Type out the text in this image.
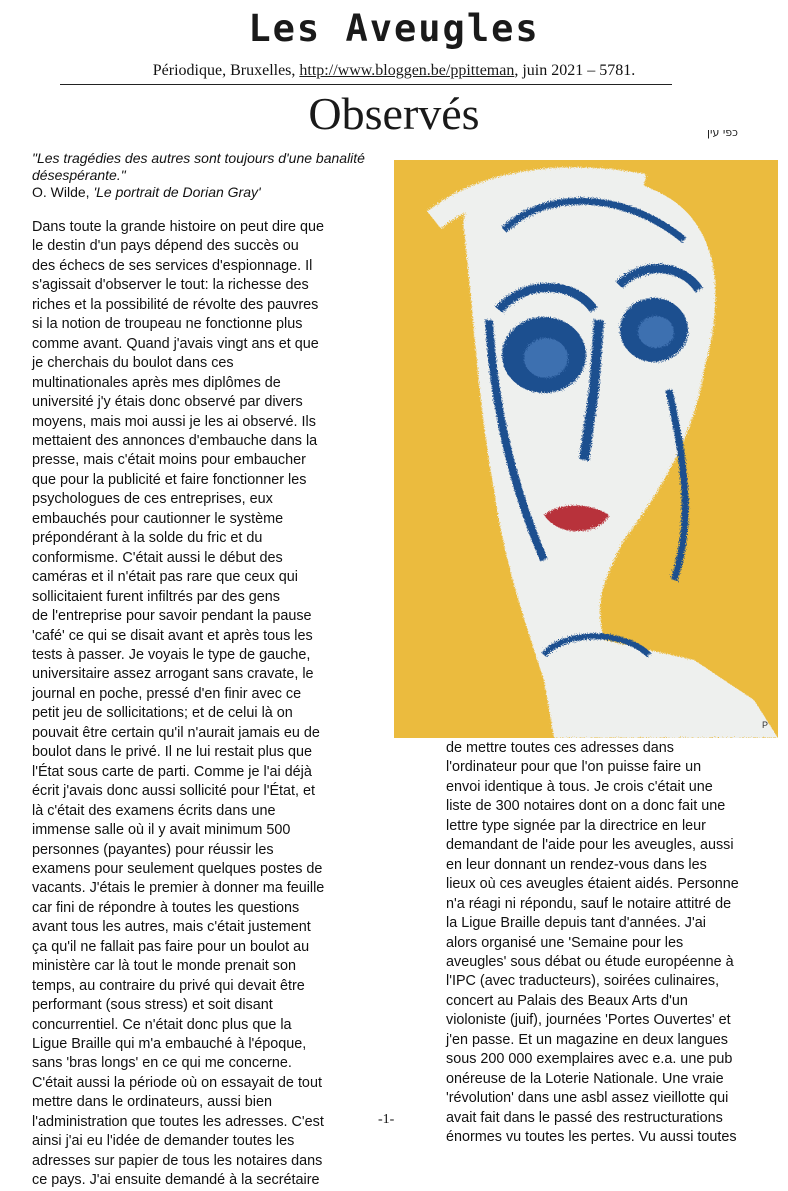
Les Aveugles
Périodique, Bruxelles, http://www.bloggen.be/ppitteman, juin 2021 – 5781.
Observés	כפי עין
"Les tragédies des autres sont toujours d'une banalité désespérante."
O. Wilde, 'Le portrait de Dorian Gray'
Dans toute la grande histoire on peut dire que
le destin d'un pays dépend des succès ou
des échecs de ses services d'espionnage. Il
s'agissait d'observer le tout: la richesse des
riches et la possibilité de révolte des pauvres
si la notion de troupeau ne fonctionne plus
comme avant. Quand j'avais vingt ans et que
je cherchais du boulot dans ces
multinationales après mes diplômes de
université j'y étais donc observé par divers
moyens, mais moi aussi je les ai observé. Ils
mettaient des annonces d'embauche dans la
presse, mais c'était moins pour embaucher
que pour la publicité et faire fonctionner les
psychologues de ces entreprises, eux
embauchés pour cautionner le système
prépondérant à la solde du fric et du
conformisme. C'était aussi le début des
caméras et il n'était pas rare que ceux qui
sollicitaient furent infiltrés par des gens
de l'entreprise pour savoir pendant la pause
'café' ce qui se disait avant et après tous les
tests à passer. Je voyais le type de gauche,
universitaire assez arrogant sans cravate, le
journal en poche, pressé d'en finir avec ce
petit jeu de sollicitations; et de celui là on
pouvait être certain qu'il n'aurait jamais eu de
boulot dans le privé. Il ne lui restait plus que
l'État sous carte de parti. Comme je l'ai déjà
écrit j'avais donc aussi sollicité pour l'État, et
là c'était des examens écrits dans une
immense salle où il y avait minimum 500
personnes (payantes) pour réussir les
examens pour seulement quelques postes de
vacants. J'étais le premier à donner ma feuille
car fini de répondre à toutes les questions
avant tous les autres, mais c'était justement
ça qu'il ne fallait pas faire pour un boulot au
ministère car là tout le monde prenait son
temps, au contraire du privé qui devait être
performant (sous stress) et soit disant
concurrentiel. Ce n'était donc plus que la
Ligue Braille qui m'a embauché à l'époque,
sans 'bras longs' en ce qui me concerne.
C'était aussi la période où on essayait de tout
mettre dans le ordinateurs, aussi bien
l'administration que toutes les adresses. C'est
ainsi j'ai eu l'idée de demander toutes les
adresses sur papier de tous les notaires dans
ce pays. J'ai ensuite demandé à la secrétaire
P
de mettre toutes ces adresses dans
l'ordinateur pour que l'on puisse faire un
envoi identique à tous. Je crois c'était une
liste de 300 notaires dont on a donc fait une
lettre type signée par la directrice en leur
demandant de l'aide pour les aveugles, aussi
en leur donnant un rendez-vous dans les
lieux où ces aveugles étaient aidés. Personne
n'a réagi ni répondu, sauf le notaire attitré de
la Ligue Braille depuis tant d'années. J'ai
alors organisé une 'Semaine pour les
aveugles' sous débat ou étude européenne à
l'IPC (avec traducteurs), soirées culinaires,
concert au Palais des Beaux Arts d'un
violoniste (juif), journées 'Portes Ouvertes' et
j'en passe. Et un magazine en deux langues
sous 200 000 exemplaires avec e.a. une pub
onéreuse de la Loterie Nationale. Une vraie
'révolution' dans une asbl assez vieillotte qui
avait fait dans le passé des restructurations
énormes vu toutes les pertes. Vu aussi toutes
-1-
